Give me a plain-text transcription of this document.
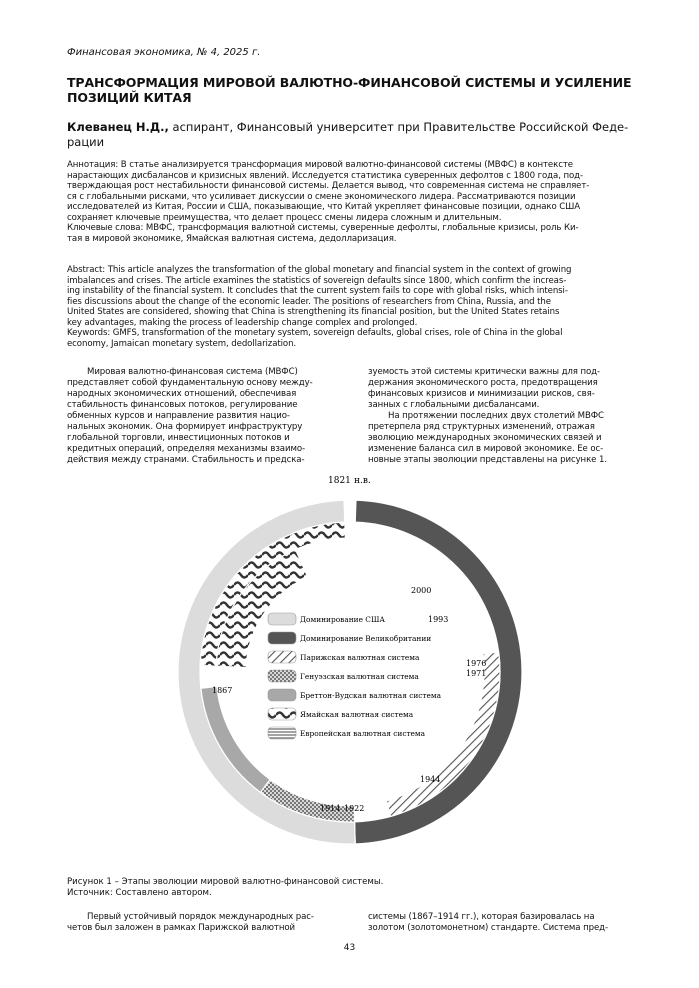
Финансовая экономика, № 4, 2025 г.
ТРАНСФОРМАЦИЯ МИРОВОЙ ВАЛЮТНО-ФИНАНСОВОЙ СИСТЕМЫ И УСИЛЕНИЕ
ПОЗИЦИЙ КИТАЯ
Клеванец Н.Д., аспирант, Финансовый университет при Правительстве Российской Феде-
рации
Аннотация: В статье анализируется трансформация мировой валютно-финансовой системы (МВФС) в контексте
нарастающих дисбалансов и кризисных явлений. Исследуется статистика суверенных дефолтов с 1800 года, под-
тверждающая рост нестабильности финансовой системы. Делается вывод, что современная система не справляет-
ся с глобальными рисками, что усиливает дискуссии о смене экономического лидера. Рассматриваются позиции
исследователей из Китая, России и США, показывающие, что Китай укрепляет финансовые позиции, однако США
сохраняет ключевые преимущества, что делает процесс смены лидера сложным и длительным.
Ключевые слова: МВФС, трансформация валютной системы, суверенные дефолты, глобальные кризисы, роль Ки-
тая в мировой экономике, Ямайская валютная система, дедолларизация.
Abstract: This article analyzes the transformation of the global monetary and financial system in the context of growing
imbalances and crises. The article examines the statistics of sovereign defaults since 1800, which confirm the increas-
ing instability of the financial system. It concludes that the current system fails to cope with global risks, which intensi-
fies discussions about the change of the economic leader. The positions of researchers from China, Russia, and the
United States are considered, showing that China is strengthening its financial position, but the United States retains
key advantages, making the process of leadership change complex and prolonged.
Keywords: GMFS, transformation of the monetary system, sovereign defaults, global crises, role of China in the global
economy, Jamaican monetary system, dedollarization.

Мировая валютно-финансовая система (МВФС)

представляет собой фундаментальную основу между-

народных экономических отношений, обеспечивая

стабильность финансовых потоков, регулирование

обменных курсов и направление развития нацио-

нальных экономик. Она формирует инфраструктуру

глобальной торговли, инвестиционных потоков и

кредитных операций, определяя механизмы взаимо-

действия между странами. Стабильность и предска-

зуемость этой системы критически важны для под-

держания экономического роста, предотвращения

финансовых кризисов и минимизации рисков, свя-

занных с глобальными дисбалансами.

На протяжении последних двух столетий МВФС

претерпела ряд структурных изменений, отражая

эволюцию международных экономических связей и

изменение баланса сил в мировой экономике. Ее ос-

новные этапы эволюции представлены на рисунке 1.

1821 н.в.
2000
1993
1976
1971
1867
1944
1914 1922
Доминирование США
Доминирование Великобритании
Парижская валютная система
Генуэзская валютная система
Бреттон-Вудская валютная система
Ямайская валютная система
Европейская валютная система
Рисунок 1 – Этапы эволюции мировой валютно-финансовой системы.
Источник: Составлено автором.

Первый устойчивый порядок международных рас-

четов был заложен в рамках Парижской валютной

системы (1867–1914 гг.), которая базировалась на

золотом (золотомонетном) стандарте. Система пред-

43
